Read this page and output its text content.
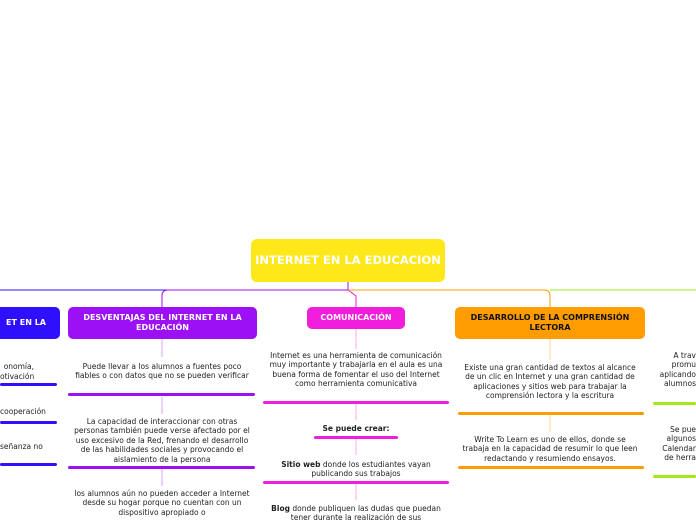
INTERNET EN LA EDUCACION
ET EN LA
onomía,
otivación
cooperación
señanza no
DESVENTAJAS DEL INTERNET EN LA EDUCACIÓN
Puede llevar a los alumnos a fuentes poco fiables o con datos que no se pueden verificar
La capacidad de interaccionar con otras personas también puede verse afectado por el uso excesivo de la Red, frenando el desarrollo de las habilidades sociales y provocando el aislamiento de la persona
los alumnos aún no pueden acceder a Internet desde su hogar porque no cuentan con un dispositivo apropiado o
COMUNICACIÓN
Internet es una herramienta de comunicación muy importante y trabajarla en el aula es una buena forma de fomentar el uso del Internet como herramienta comunicativa
Se puede crear:
Sitio web donde los estudiantes vayan publicando sus trabajos
Blog donde publiquen las dudas que puedan tener durante la realización de sus
DESARROLLO DE LA COMPRENSIÓN LECTORA
Existe una gran cantidad de textos al alcance de un clic en Internet y una gran cantidad de aplicaciones y sitios web para trabajar la comprensión lectora y la escritura
Write To Learn es uno de ellos, donde se trabaja en la capacidad de resumir lo que leen redactando y resumiendo ensayos.
A trav
promu
aplicando
alumnos
Se pue
algunos
Calendar
de herra
